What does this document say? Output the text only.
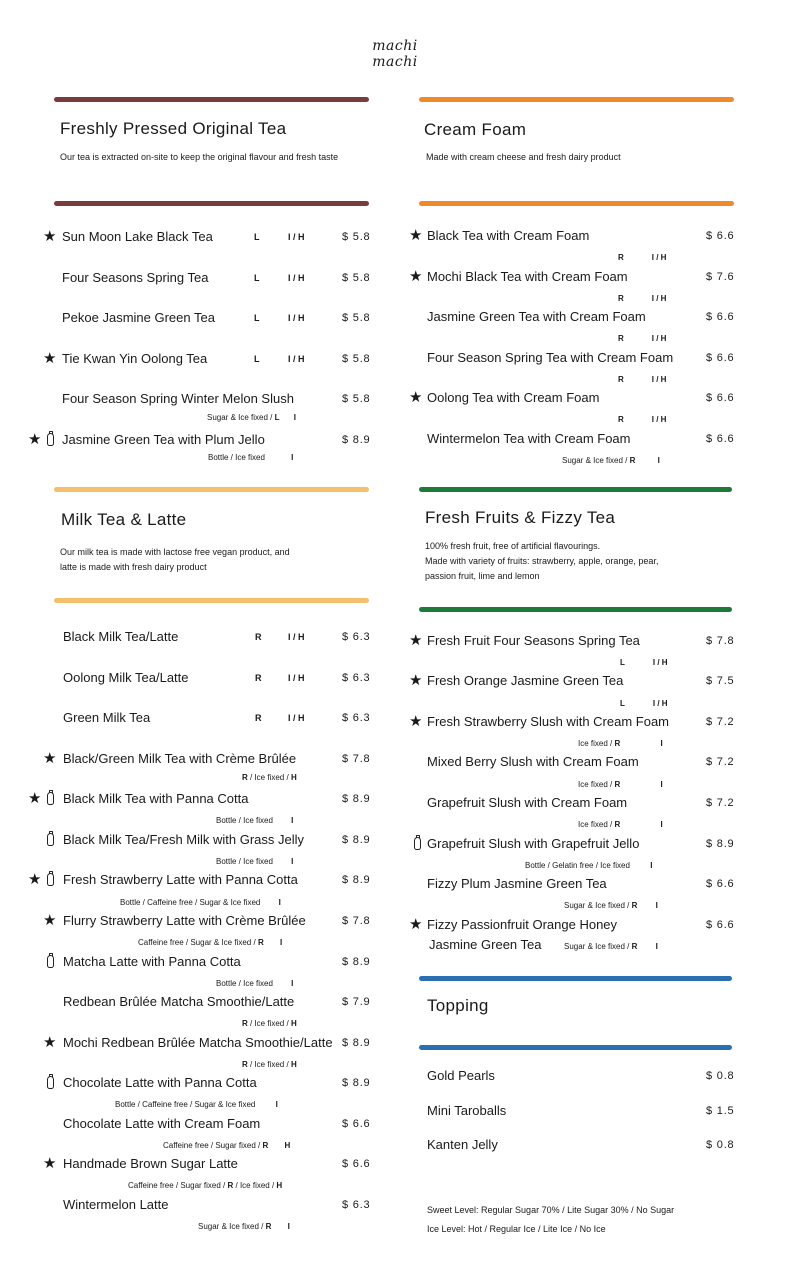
machi
machi
Freshly Pressed Original Tea
Our tea is extracted on-site to keep the original flavour and fresh taste
★ Sun Moon Lake Black Tea	L	I / H	$ 5.8
Four Seasons Spring Tea	L	I / H	$ 5.8
Pekoe Jasmine Green Tea	L	I / H	$ 5.8
★ Tie Kwan Yin Oolong Tea	L	I / H	$ 5.8
Four Season Spring Winter Melon Slush	$ 5.8
Sugar & Ice fixed / L I
★ Jasmine Green Tea with Plum Jello	$ 8.9
Bottle / Ice fixed	I
Milk Tea & Latte
Our milk tea is made with lactose free vegan product, and
latte is made with fresh dairy product
Black Milk Tea/Latte	R	I / H	$ 6.3
Oolong Milk Tea/Latte	R	I / H	$ 6.3
Green Milk Tea	R	I / H	$ 6.3
★ Black/Green Milk Tea with Crème Brûlée	$ 7.8
R / Ice fixed / H
★ Black Milk Tea with Panna Cotta	$ 8.9
Bottle / Ice fixed I
Black Milk Tea/Fresh Milk with Grass Jelly	$ 8.9
Bottle / Ice fixed I
★ Fresh Strawberry Latte with Panna Cotta	$ 8.9
Bottle / Caffeine free / Sugar & Ice fixed I
★ Flurry Strawberry Latte with Crème Brûlée	$ 7.8
Caffeine free / Sugar & Ice fixed / R I
Matcha Latte with Panna Cotta	$ 8.9
Bottle / Ice fixed I
Redbean Brûlée Matcha Smoothie/Latte	$ 7.9
R / Ice fixed / H
★ Mochi Redbean Brûlée Matcha Smoothie/Latte $ 8.9
R / Ice fixed / H
Chocolate Latte with Panna Cotta	$ 8.9
Bottle / Caffeine free / Sugar & Ice fixed	I
Chocolate Latte with Cream Foam	$ 6.6
Caffeine free / Sugar fixed / R H
★ Handmade Brown Sugar Latte	$ 6.6
Caffeine free / Sugar fixed / R / Ice fixed / H
Wintermelon Latte	$ 6.3
Sugar & Ice fixed / R I
Cream Foam
Made with cream cheese and fresh dairy product
★ Black Tea with Cream Foam	$ 6.6
R	I / H
★ Mochi Black Tea with Cream Foam	$ 7.6
R	I / H
Jasmine Green Tea with Cream Foam	$ 6.6
R	I / H
Four Season Spring Tea with Cream Foam	$ 6.6
R	I / H
★ Oolong Tea with Cream Foam	$ 6.6
R	I / H
Wintermelon Tea with Cream Foam	$ 6.6
Sugar & Ice fixed / R	I
Fresh Fruits & Fizzy Tea
100% fresh fruit, free of artificial flavourings.
Made with variety of fruits: strawberry, apple, orange, pear,
passion fruit, lime and lemon
★ Fresh Fruit Four Seasons Spring Tea	$ 7.8
L	I / H
★ Fresh Orange Jasmine Green Tea	$ 7.5
L	I / H
★ Fresh Strawberry Slush with Cream Foam	$ 7.2
Ice fixed / R	I
Mixed Berry Slush with Cream Foam	$ 7.2
Ice fixed / R	I
Grapefruit Slush with Cream Foam	$ 7.2
Ice fixed / R	I
Grapefruit Slush with Grapefruit Jello	$ 8.9
Bottle / Gelatin free / Ice fixed	I
Fizzy Plum Jasmine Green Tea	$ 6.6
Sugar & Ice fixed / R I
★ Fizzy Passionfruit Orange Honey	$ 6.6
Jasmine Green Tea	Sugar & Ice fixed / R I
Topping
Gold Pearls	$ 0.8
Mini Taroballs	$ 1.5
Kanten Jelly	$ 0.8
Sweet Level: Regular Sugar 70% / Lite Sugar 30% / No Sugar
Ice Level: Hot / Regular Ice / Lite Ice / No Ice
